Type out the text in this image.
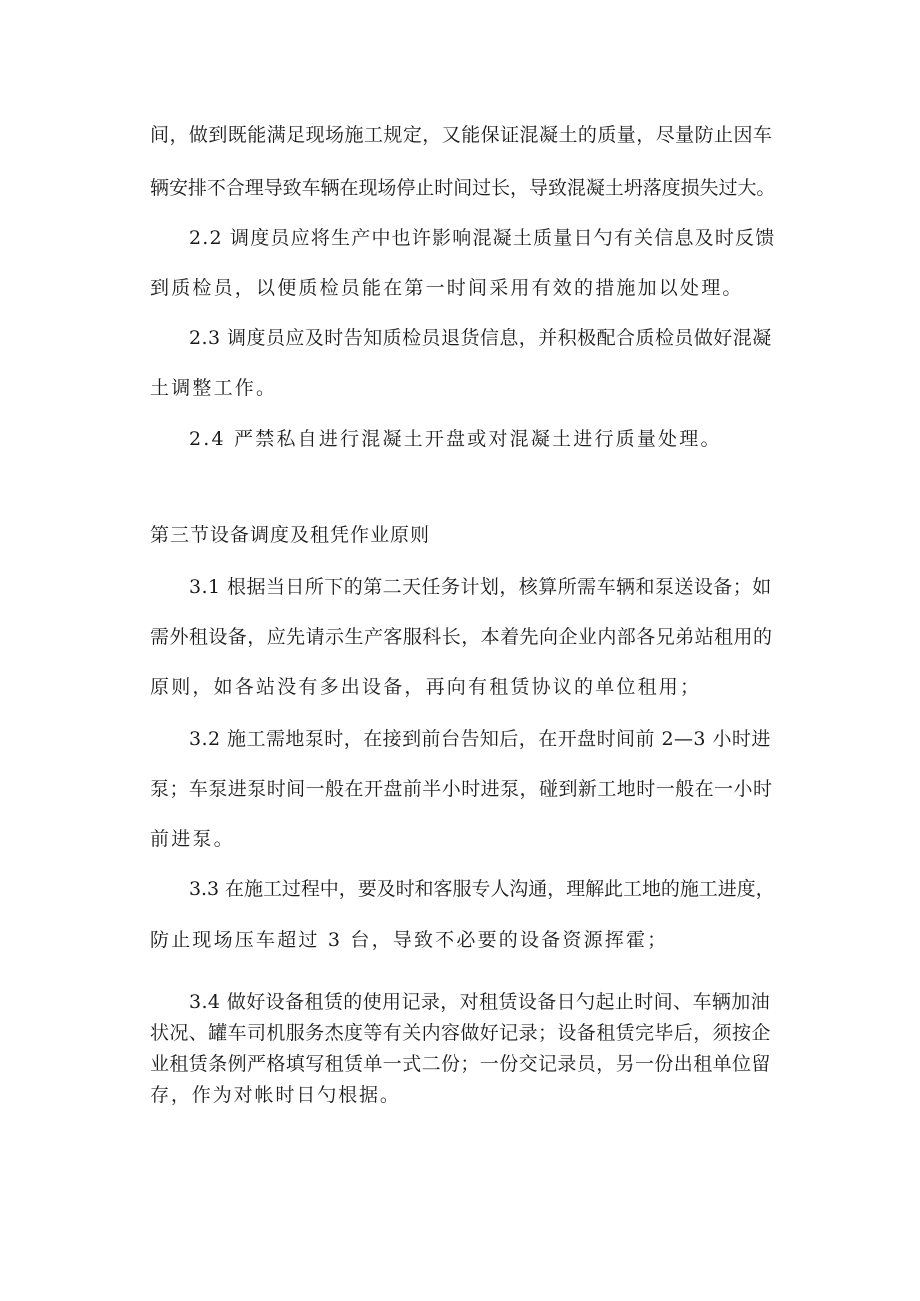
间，做到既能满足现场施工规定，又能保证混凝土的质量，尽量防止因车
辆安排不合理导致车辆在现场停止时间过长，导致混凝土坍落度损失过大。
2.2 调度员应将生产中也许影响混凝土质量日勺有关信息及时反馈
到质检员，以便质检员能在第一时间采用有效的措施加以处理。
2.3 调度员应及时告知质检员退货信息，并积极配合质检员做好混凝
土调整工作。
2.4 严禁私自进行混凝土开盘或对混凝土进行质量处理。
第三节设备调度及租凭作业原则
3.1 根据当日所下的第二天任务计划，核算所需车辆和泵送设备；如
需外租设备，应先请示生产客服科长，本着先向企业内部各兄弟站租用的
原则，如各站没有多出设备，再向有租赁协议的单位租用；
3.2 施工需地泵时，在接到前台告知后，在开盘时间前 2—3 小时进
泵；车泵进泵时间一般在开盘前半小时进泵，碰到新工地时一般在一小时
前进泵。
3.3 在施工过程中，要及时和客服专人沟通，理解此工地的施工进度，
防止现场压车超过 3 台，导致不必要的设备资源挥霍；
3.4 做好设备租赁的使用记录，对租赁设备日勺起止时间、车辆加油
状况、罐车司机服务杰度等有关内容做好记录；设备租赁完毕后，须按企
业租赁条例严格填写租赁单一式二份；一份交记录员，另一份出租单位留
存，作为对帐时日勺根据。
